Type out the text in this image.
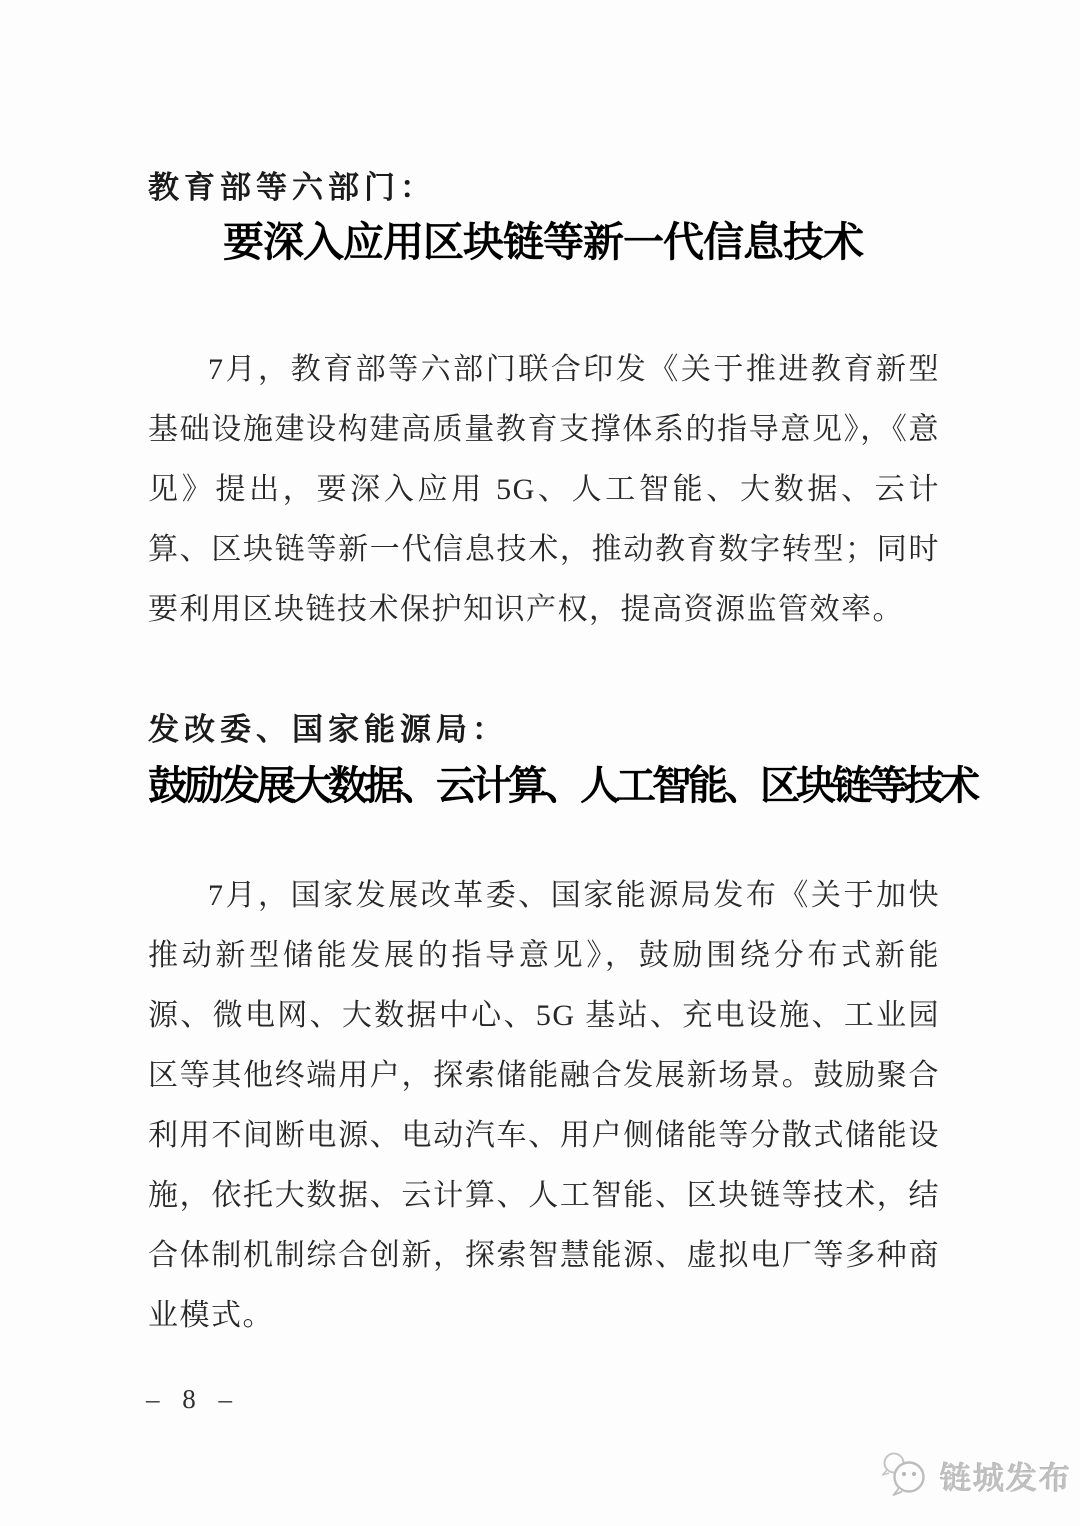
教育部等六部门：
要深入应用区块链等新一代信息技术

7月，教育部等六部门联合印发《关于推进教育新型基础设施建设构建高质量教育支撑体系的指导意见》，《意见》提出，要深入应用 5G、人工智能、大数据、云计算、区块链等新一代信息技术，推动教育数字转型；同时要利用区块链技术保护知识产权，提高资源监管效率。

发改委、国家能源局：
鼓励发展大数据、云计算、人工智能、区块链等技术

7月，国家发展改革委、国家能源局发布《关于加快推动新型储能发展的指导意见》，鼓励围绕分布式新能源、微电网、大数据中心、5G 基站、充电设施、工业园区等其他终端用户，探索储能融合发展新场景。鼓励聚合利用不间断电源、电动汽车、用户侧储能等分散式储能设施，依托大数据、云计算、人工智能、区块链等技术，结合体制机制综合创新，探索智慧能源、虚拟电厂等多种商业模式。

– 8 –
链城发布
